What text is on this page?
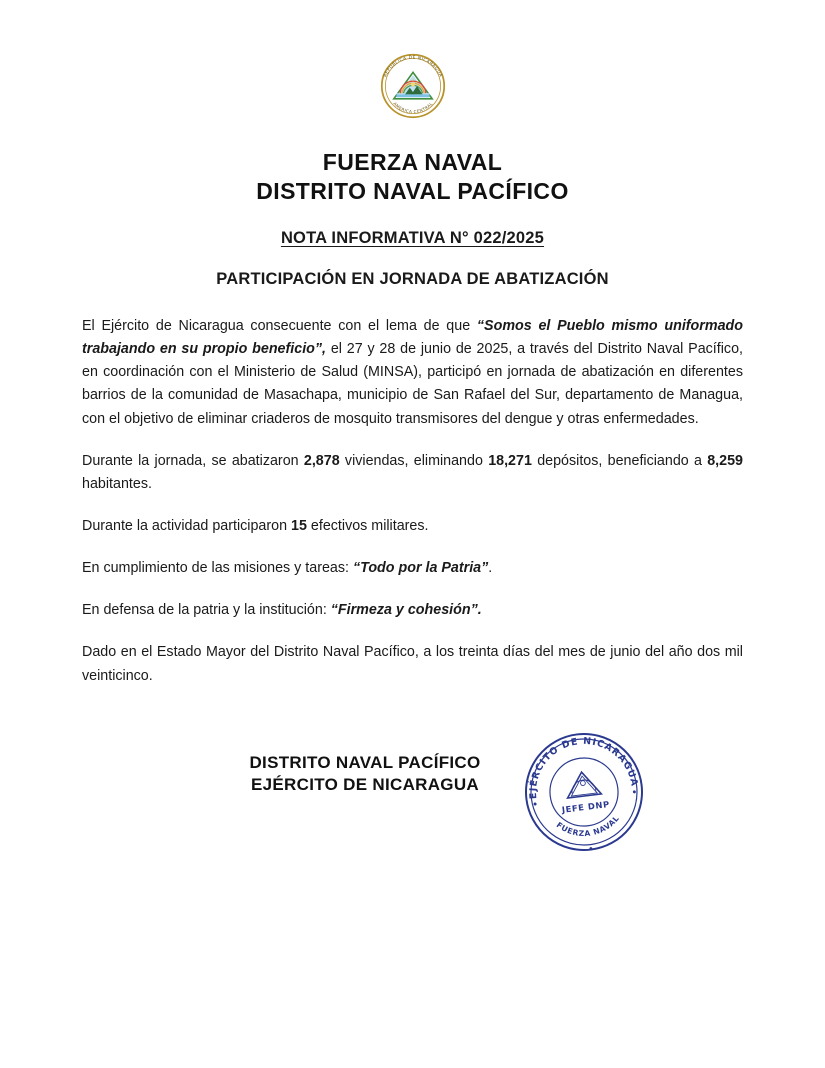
REPUBLICA DE NICARAGUA
AMERICA CENTRAL
FUERZA NAVAL
DISTRITO NAVAL PACÍFICO
NOTA INFORMATIVA N° 022/2025
PARTICIPACIÓN EN JORNADA DE ABATIZACIÓN

El Ejército de Nicaragua consecuente con el lema de que “Somos el Pueblo mismo uniformado trabajando en su propio beneficio”, el 27 y 28 de junio de 2025, a través del Distrito Naval Pacífico, en coordinación con el Ministerio de Salud (MINSA), participó en jornada de abatización en diferentes barrios de la comunidad de Masachapa, municipio de San Rafael del Sur, departamento de Managua, con el objetivo de eliminar criaderos de mosquito transmisores del dengue y otras enfermedades.

Durante la jornada, se abatizaron 2,878 viviendas, eliminando 18,271 depósitos, beneficiando a 8,259 habitantes.

Durante la actividad participaron 15 efectivos militares.

En cumplimiento de las misiones y tareas: “Todo por la Patria”.

En defensa de la patria y la institución: “Firmeza y cohesión”.

Dado en el Estado Mayor del Distrito Naval Pacífico, a los treinta días del mes de junio del año dos mil veinticinco.

DISTRITO NAVAL PACÍFICO
EJÉRCITO DE NICARAGUA
EJÉRCITO DE NICARAGUA
FUERZA NAVAL
JEFE DNP
